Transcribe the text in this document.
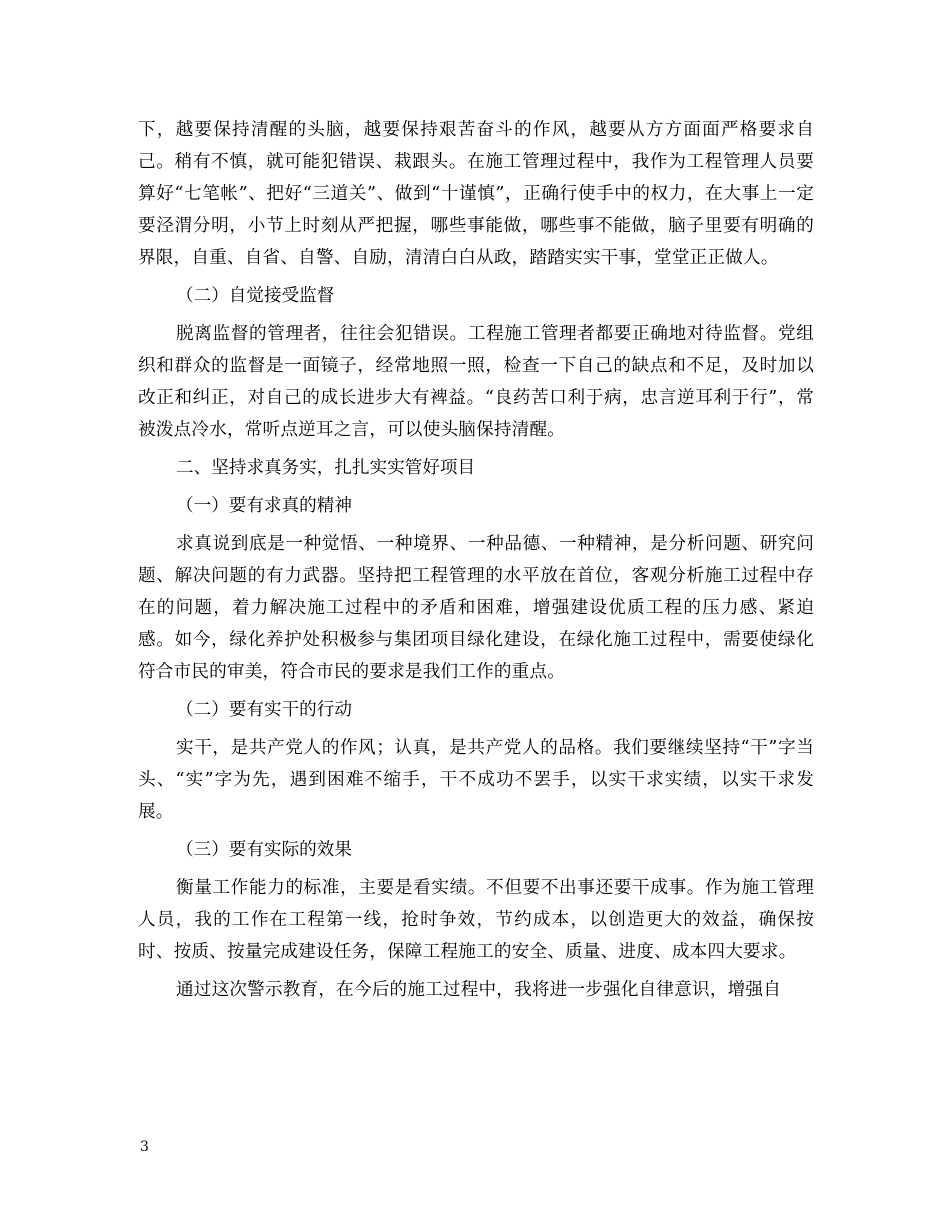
下，越要保持清醒的头脑，越要保持艰苦奋斗的作风，越要从方方面面严格要求自己。稍有不慎，就可能犯错误、栽跟头。在施工管理过程中，我作为工程管理人员要算好“七笔帐”、把好“三道关”、做到“十谨慎”，正确行使手中的权力，在大事上一定要泾渭分明，小节上时刻从严把握，哪些事能做，哪些事不能做，脑子里要有明确的界限，自重、自省、自警、自励，清清白白从政，踏踏实实干事，堂堂正正做人。

（二）自觉接受监督

脱离监督的管理者，往往会犯错误。工程施工管理者都要正确地对待监督。党组织和群众的监督是一面镜子，经常地照一照，检查一下自己的缺点和不足，及时加以改正和纠正，对自己的成长进步大有裨益。“良药苦口利于病，忠言逆耳利于行”，常被泼点冷水，常听点逆耳之言，可以使头脑保持清醒。

二、坚持求真务实，扎扎实实管好项目

（一）要有求真的精神

求真说到底是一种觉悟、一种境界、一种品德、一种精神，是分析问题、研究问题、解决问题的有力武器。坚持把工程管理的水平放在首位，客观分析施工过程中存在的问题，着力解决施工过程中的矛盾和困难，增强建设优质工程的压力感、紧迫感。如今，绿化养护处积极参与集团项目绿化建设，在绿化施工过程中，需要使绿化符合市民的审美，符合市民的要求是我们工作的重点。

（二）要有实干的行动

实干，是共产党人的作风；认真，是共产党人的品格。我们要继续坚持“干”字当头、“实”字为先，遇到困难不缩手，干不成功不罢手，以实干求实绩，以实干求发展。

（三）要有实际的效果

衡量工作能力的标准，主要是看实绩。不但要不出事还要干成事。作为施工管理人员，我的工作在工程第一线，抢时争效，节约成本，以创造更大的效益，确保按时、按质、按量完成建设任务，保障工程施工的安全、质量、进度、成本四大要求。

通过这次警示教育，在今后的施工过程中，我将进一步强化自律意识，增强自

3
